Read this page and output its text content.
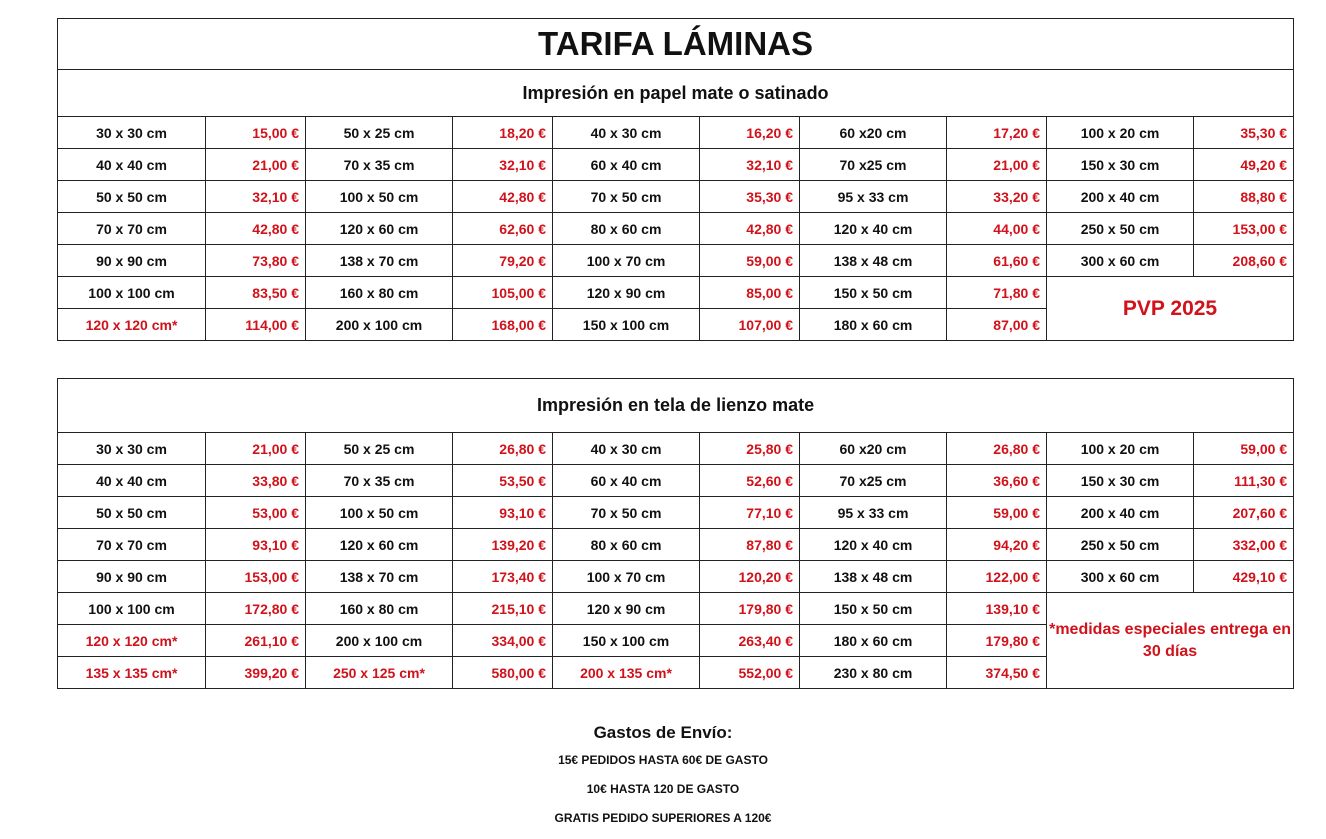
TARIFA LÁMINAS									
Impresión en papel mate o satinado									
30 x 30 cm	15,00 €	50 x 25 cm	18,20 €	40 x 30 cm	16,20 €	60 x20 cm	17,20 €	100 x 20 cm	35,30 €
40 x 40 cm	21,00 €	70 x 35 cm	32,10 €	60 x 40 cm	32,10 €	70 x25 cm	21,00 €	150 x 30 cm	49,20 €
50 x 50 cm	32,10 €	100 x 50 cm	42,80 €	70 x 50 cm	35,30 €	95 x 33 cm	33,20 €	200 x 40 cm	88,80 €
70 x 70 cm	42,80 €	120 x 60 cm	62,60 €	80 x 60 cm	42,80 €	120 x 40 cm	44,00 €	250 x 50 cm	153,00 €
90 x 90 cm	73,80 €	138 x 70 cm	79,20 €	100 x 70 cm	59,00 €	138 x 48 cm	61,60 €	300 x 60 cm	208,60 €
100 x 100 cm	83,50 €	160 x 80 cm	105,00 €	120 x 90 cm	85,00 €	150 x 50 cm	71,80 €	PVP 2025	
120 x 120 cm*	114,00 €	200 x 100 cm	168,00 €	150 x 100 cm	107,00 €	180 x 60 cm	87,00 €		
Impresión en tela de lienzo mate									
30 x 30 cm	21,00 €	50 x 25 cm	26,80 €	40 x 30 cm	25,80 €	60 x20 cm	26,80 €	100 x 20 cm	59,00 €
40 x 40 cm	33,80 €	70 x 35 cm	53,50 €	60 x 40 cm	52,60 €	70 x25 cm	36,60 €	150 x 30 cm	111,30 €
50 x 50 cm	53,00 €	100 x 50 cm	93,10 €	70 x 50 cm	77,10 €	95 x 33 cm	59,00 €	200 x 40 cm	207,60 €
70 x 70 cm	93,10 €	120 x 60 cm	139,20 €	80 x 60 cm	87,80 €	120 x 40 cm	94,20 €	250 x 50 cm	332,00 €
90 x 90 cm	153,00 €	138 x 70 cm	173,40 €	100 x 70 cm	120,20 €	138 x 48 cm	122,00 €	300 x 60 cm	429,10 €
100 x 100 cm	172,80 €	160 x 80 cm	215,10 €	120 x 90 cm	179,80 €	150 x 50 cm	139,10 €	*medidas especiales entrega en 30 días	
120 x 120 cm*	261,10 €	200 x 100 cm	334,00 €	150 x 100 cm	263,40 €	180 x 60 cm	179,80 €		
135 x 135 cm*	399,20 €	250 x 125 cm*	580,00 €	200 x 135 cm*	552,00 €	230 x 80 cm	374,50 €		
Gastos de Envío:
15€ PEDIDOS HASTA 60€ DE GASTO
10€ HASTA 120 DE GASTO
GRATIS PEDIDO SUPERIORES A 120€
